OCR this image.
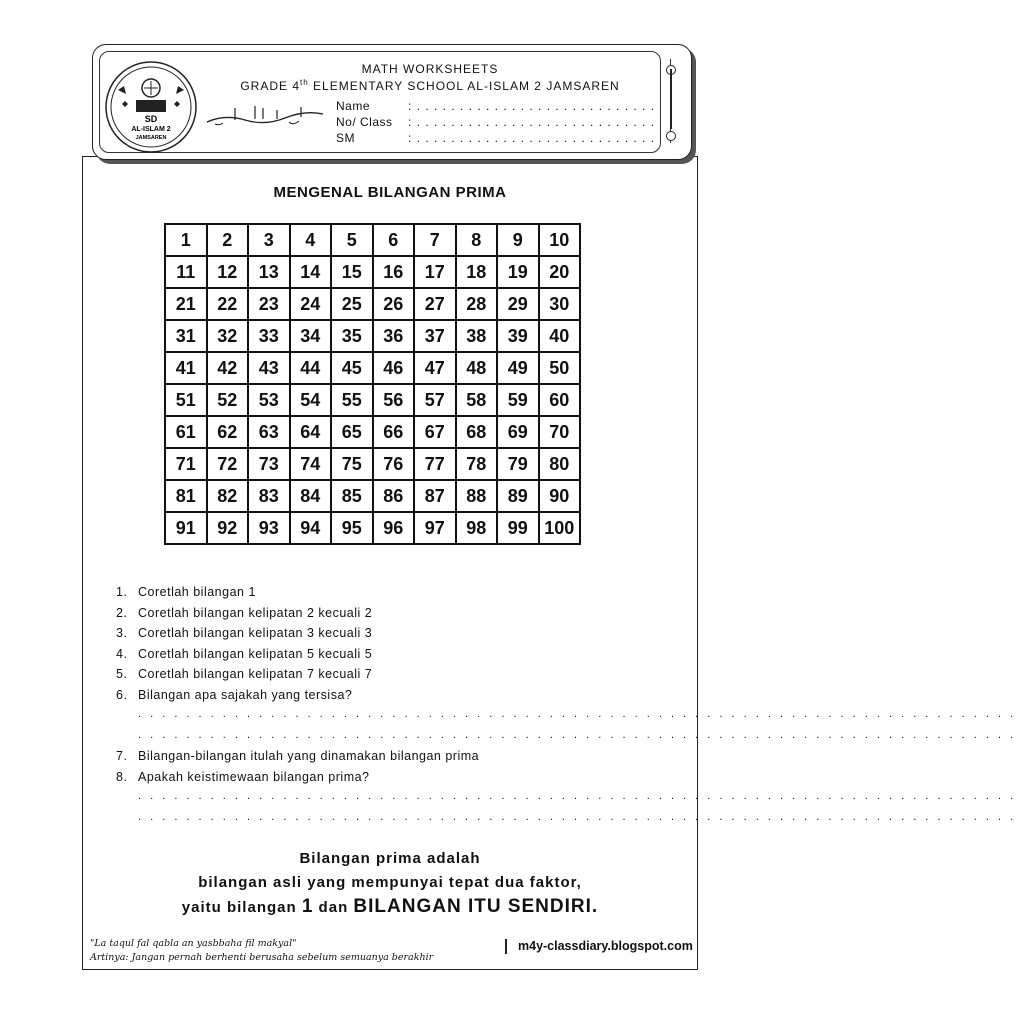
SD
AL-ISLAM 2
JAMSAREN
MATH WORKSHEETS
GRADE 4th ELEMENTARY SCHOOL AL-ISLAM 2 JAMSAREN
Name	: . . . . . . . . . . . . . . . . . . . . . . . . . . . .
No/ Class : . . . . . . . . . . . . . . . . . . . . . . . . . . . .
SM	: . . . . . . . . . . . . . . . . . . . . . . . . . . . .
MENGENAL BILANGAN PRIMA
1	2	3	4	5	6	7	8	9	10
11	12	13	14	15	16	17	18	19	20
21	22	23	24	25	26	27	28	29	30
31	32	33	34	35	36	37	38	39	40
41	42	43	44	45	46	47	48	49	50
51	52	53	54	55	56	57	58	59	60
61	62	63	64	65	66	67	68	69	70
71	72	73	74	75	76	77	78	79	80
81	82	83	84	85	86	87	88	89	90
91	92	93	94	95	96	97	98	99	100
1. Coretlah bilangan 1
2. Coretlah bilangan kelipatan 2 kecuali 2
3. Coretlah bilangan kelipatan 3 kecuali 3
4. Coretlah bilangan kelipatan 5 kecuali 5
5. Coretlah bilangan kelipatan 7 kecuali 7
6. Bilangan apa sajakah yang tersisa?
. . . . . . . . . . . . . . . . . . . . . . . . . . . . . . . . . . . . . . . . . . . . . . . . . . . . . . . . . . . . . . . . . . . . . . . . .
. . . . . . . . . . . . . . . . . . . . . . . . . . . . . . . . . . . . . . . . . . . . . . . . . . . . . . . . . . . . . . . . . . . . . . . . .
7. Bilangan-bilangan itulah yang dinamakan bilangan prima
8. Apakah keistimewaan bilangan prima?
. . . . . . . . . . . . . . . . . . . . . . . . . . . . . . . . . . . . . . . . . . . . . . . . . . . . . . . . . . . . . . . . . . . . . . . . .
. . . . . . . . . . . . . . . . . . . . . . . . . . . . . . . . . . . . . . . . . . . . . . . . . . . . . . . . . . . . . . . . . . . . . . . . .
Bilangan prima adalah
bilangan asli yang mempunyai tepat dua faktor,
yaitu bilangan 1 dan BILANGAN ITU SENDIRI.
"La taqul fal qabla an yasbbaha fil makyal"
Artinya: Jangan pernah berhenti berusaha sebelum semuanya berakhir
m4y-classdiary.blogspot.com
